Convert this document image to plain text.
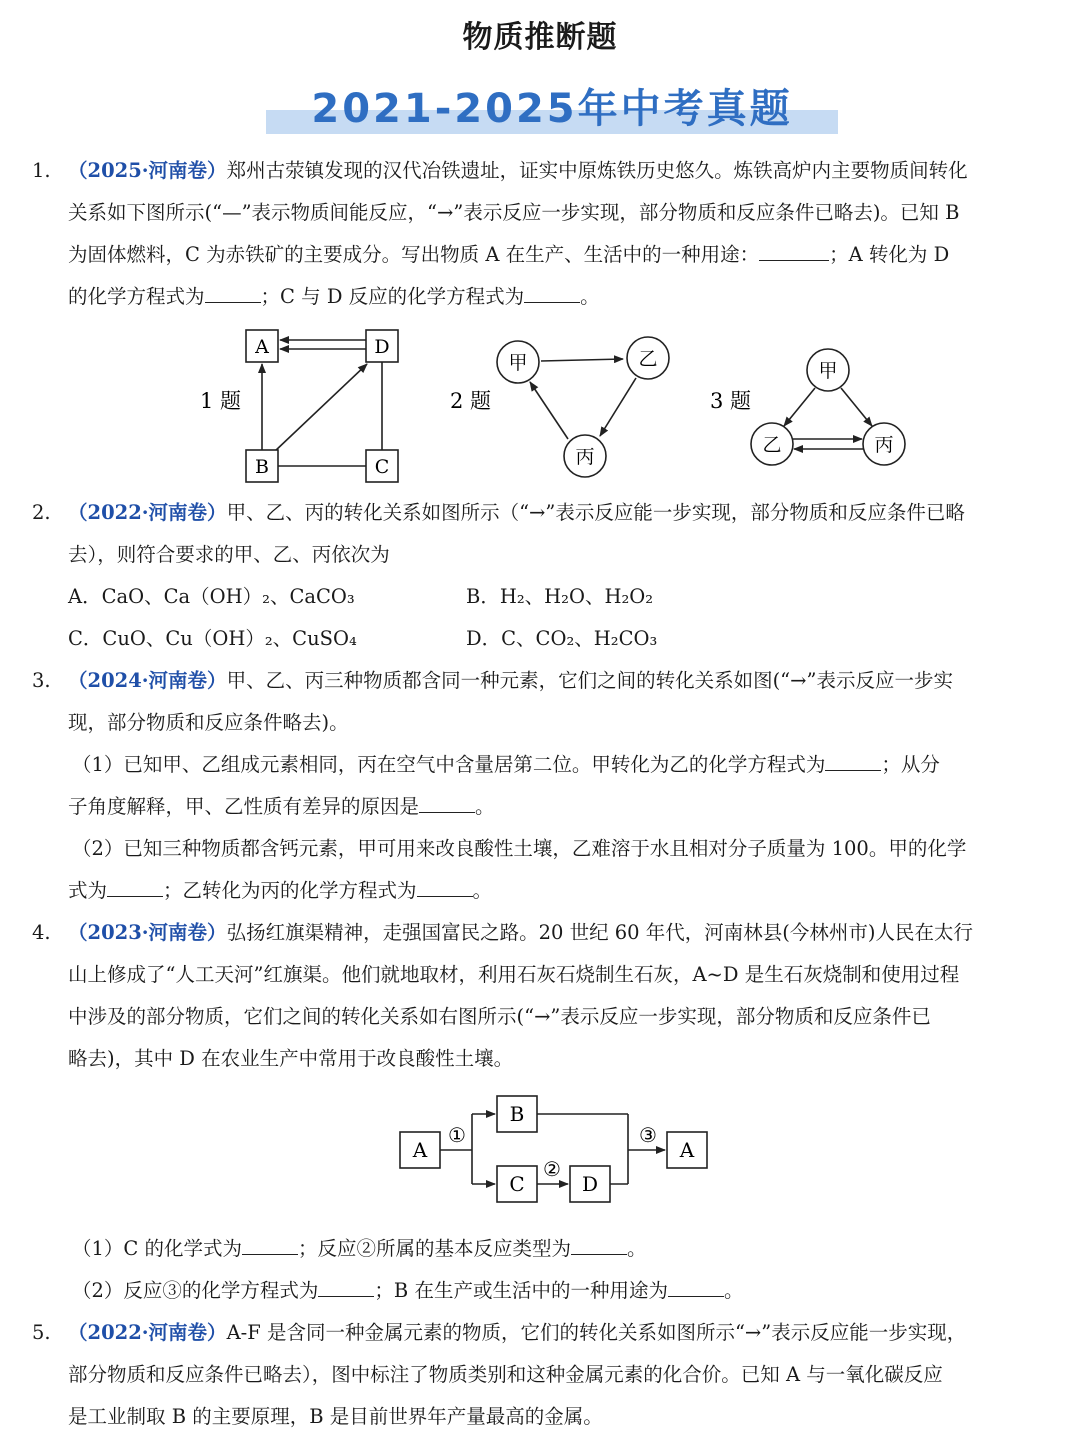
物质推断题
2021-2025年中考真题
1. （2025·河南卷）郑州古荥镇发现的汉代冶铁遗址，证实中原炼铁历史悠久。炼铁高炉内主要物质间转化
关系如下图所示(“—”表示物质间能反应，“→”表示反应一步实现，部分物质和反应条件已略去)。已知 B
为固体燃料，C 为赤铁矿的主要成分。写出物质 A 在生产、生活中的一种用途：	；A 转化为 D
的化学方程式为	；C 与 D 反应的化学方程式为	。
1 题
A	D
B	C
2 题
甲	乙
丙
3 题
甲
乙	丙
2. （2022·河南卷）甲、乙、丙的转化关系如图所示（“→”表示反应能一步实现，部分物质和反应条件已略
去），则符合要求的甲、乙、丙依次为
A．CaO、Ca（OH）₂、CaCO₃	B．H₂、H₂O、H₂O₂
C．CuO、Cu（OH）₂、CuSO₄	D．C、CO₂、H₂CO₃
3. （2024·河南卷）甲、乙、丙三种物质都含同一种元素，它们之间的转化关系如图(“→”表示反应一步实
现，部分物质和反应条件略去)。
（1）已知甲、乙组成元素相同，丙在空气中含量居第二位。甲转化为乙的化学方程式为	；从分
子角度解释，甲、乙性质有差异的原因是	。
（2）已知三种物质都含钙元素，甲可用来改良酸性土壤，乙难溶于水且相对分子质量为 100。甲的化学
式为	；乙转化为丙的化学方程式为	。
4. （2023·河南卷）弘扬红旗渠精神，走强国富民之路。20 世纪 60 年代，河南林县(今林州市)人民在太行
山上修成了“人工天河”红旗渠。他们就地取材，利用石灰石烧制生石灰，A~D 是生石灰烧制和使用过程
中涉及的部分物质，它们之间的转化关系如右图所示(“→”表示反应一步实现，部分物质和反应条件已
略去)，其中 D 在农业生产中常用于改良酸性土壤。
A
B
C	D
A
①
②
③
（1）C 的化学式为	；反应②所属的基本反应类型为	。
（2）反应③的化学方程式为	；B 在生产或生活中的一种用途为	。
5. （2022·河南卷）A-F 是含同一种金属元素的物质，它们的转化关系如图所示“→”表示反应能一步实现，
部分物质和反应条件已略去），图中标注了物质类别和这种金属元素的化合价。已知 A 与一氧化碳反应
是工业制取 B 的主要原理，B 是目前世界年产量最高的金属。
